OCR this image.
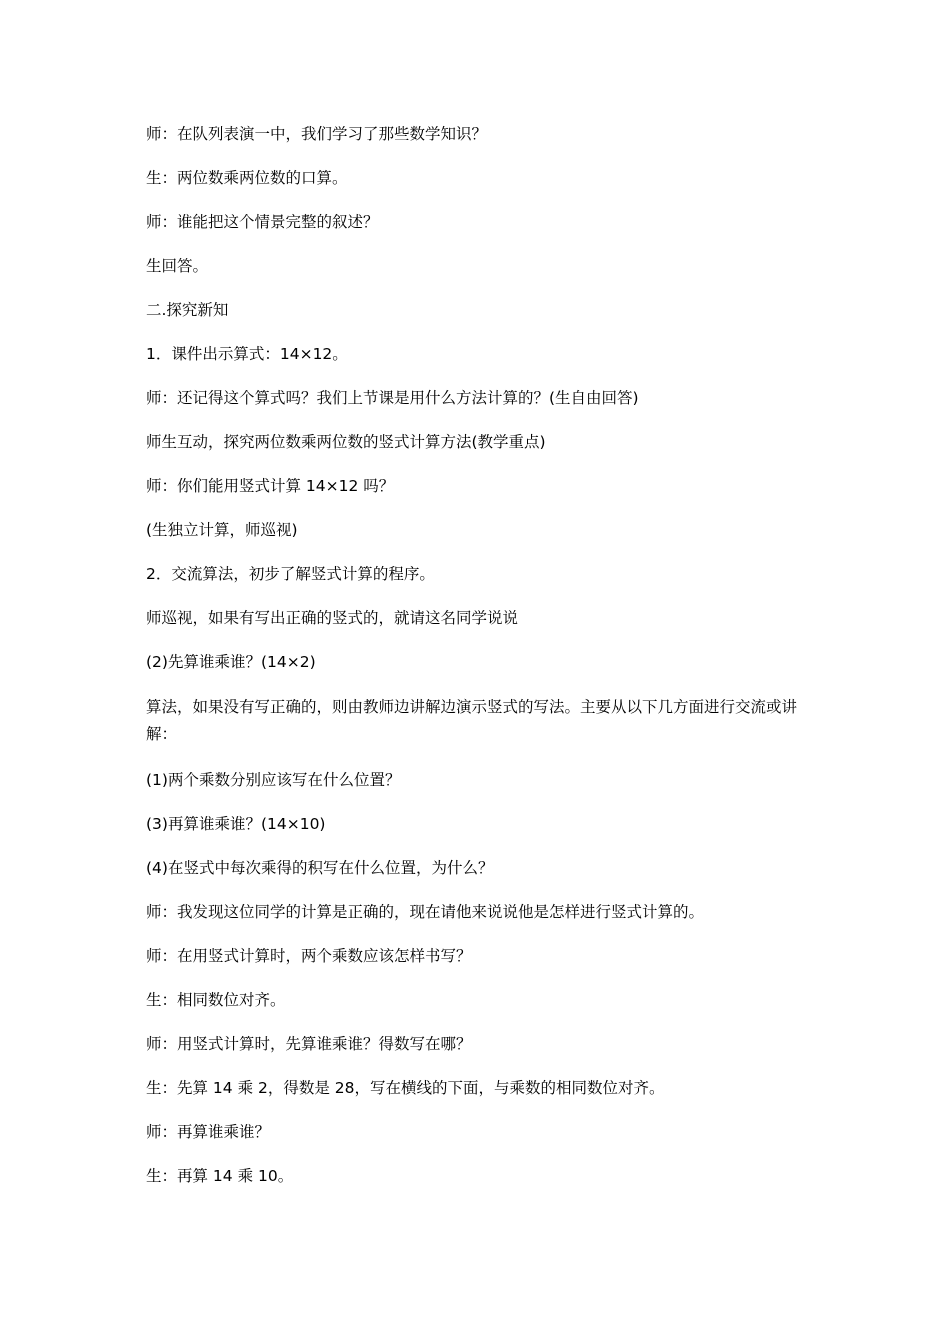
师：在队列表演一中，我们学习了那些数学知识？

生：两位数乘两位数的口算。

师：谁能把这个情景完整的叙述？

生回答。

二.探究新知

1．课件出示算式：14×12。

师：还记得这个算式吗？我们上节课是用什么方法计算的？(生自由回答)

师生互动，探究两位数乘两位数的竖式计算方法(教学重点)

师：你们能用竖式计算 14×12 吗？

(生独立计算，师巡视)

2．交流算法，初步了解竖式计算的程序。

师巡视，如果有写出正确的竖式的，就请这名同学说说

(2)先算谁乘谁？(14×2)

算法，如果没有写正确的，则由教师边讲解边演示竖式的写法。主要从以下几方面进行交流或讲解：

(1)两个乘数分别应该写在什么位置？

(3)再算谁乘谁？(14×10)

(4)在竖式中每次乘得的积写在什么位置，为什么？

师：我发现这位同学的计算是正确的，现在请他来说说他是怎样进行竖式计算的。

师：在用竖式计算时，两个乘数应该怎样书写？

生：相同数位对齐。

师：用竖式计算时，先算谁乘谁？得数写在哪？

生：先算 14 乘 2，得数是 28，写在横线的下面，与乘数的相同数位对齐。

师：再算谁乘谁？

生：再算 14 乘 10。
